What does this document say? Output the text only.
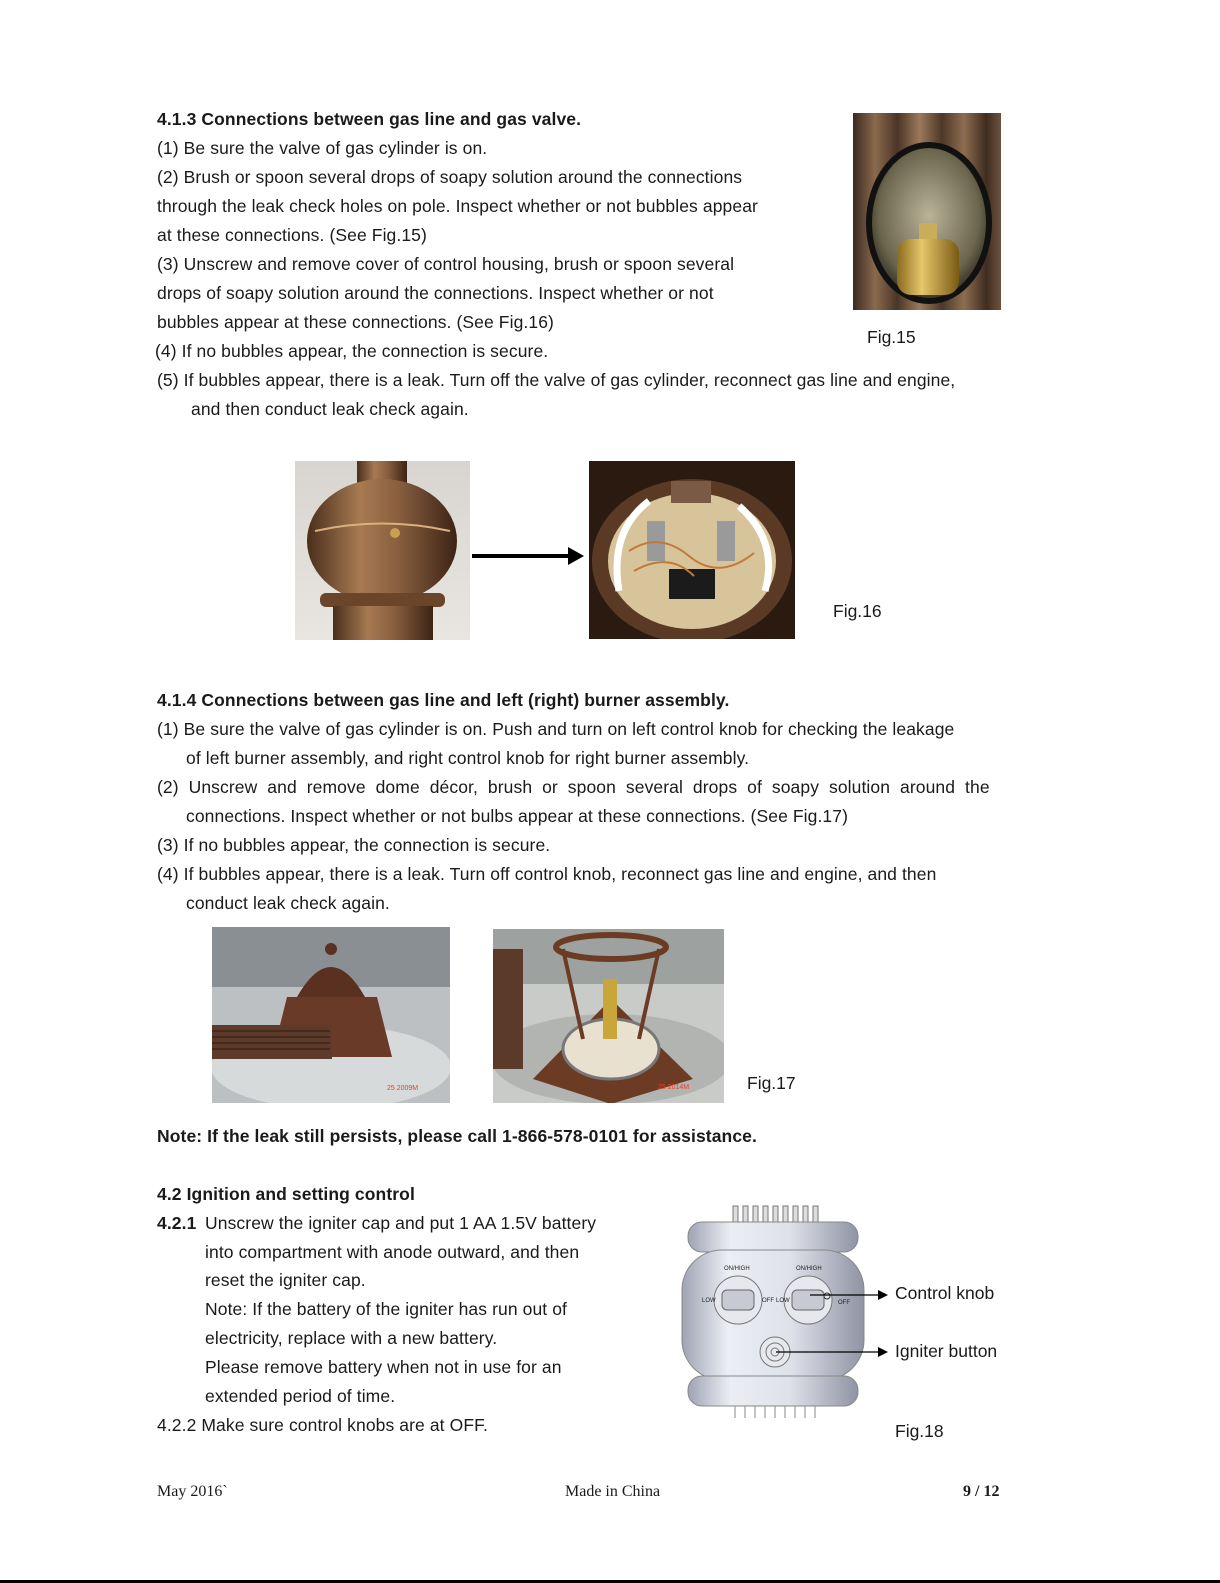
4.1.3 Connections between gas line and gas valve.
(1) Be sure the valve of gas cylinder is on.
(2) Brush or spoon several drops of soapy solution around the connections
through the leak check holes on pole. Inspect whether or not bubbles appear
at these connections. (See Fig.15)
(3) Unscrew and remove cover of control housing, brush or spoon several
drops of soapy solution around the connections. Inspect whether or not
bubbles appear at these connections. (See Fig.16)
(4) If no bubbles appear, the connection is secure.
(5) If bubbles appear, there is a leak. Turn off the valve of gas cylinder, reconnect gas line and engine,
and then conduct leak check again.
Fig.15
Fig.16
4.1.4 Connections between gas line and left (right) burner assembly.
(1) Be sure the valve of gas cylinder is on. Push and turn on left control knob for checking the leakage
of left burner assembly, and right control knob for right burner assembly.
(2)  Unscrew  and  remove  dome  décor,  brush  or  spoon  several  drops  of  soapy  solution  around  the
connections. Inspect whether or not bulbs appear at these connections. (See Fig.17)
(3) If no bubbles appear, the connection is secure.
(4) If bubbles appear, there is a leak. Turn off control knob, reconnect gas line and engine, and then
conduct leak check again.
25 2009M	25 2014M	Fig.17
Note: If the leak still persists, please call 1-866-578-0101 for assistance.
4.2 Ignition and setting control
4.2.1 Unscrew the igniter cap and put 1 AA 1.5V battery
into compartment with anode outward, and then
reset the igniter cap.
Note: If the battery of the igniter has run out of
electricity, replace with a new battery.
Please remove battery when not in use for an
extended period of time.
4.2.2 Make sure control knobs are at OFF.
ON/HIGH	ON/HIGH
LOW	OFF LOW	OFF	Control knob
Igniter button
Fig.18
May 2016`	Made in China	9 / 12
